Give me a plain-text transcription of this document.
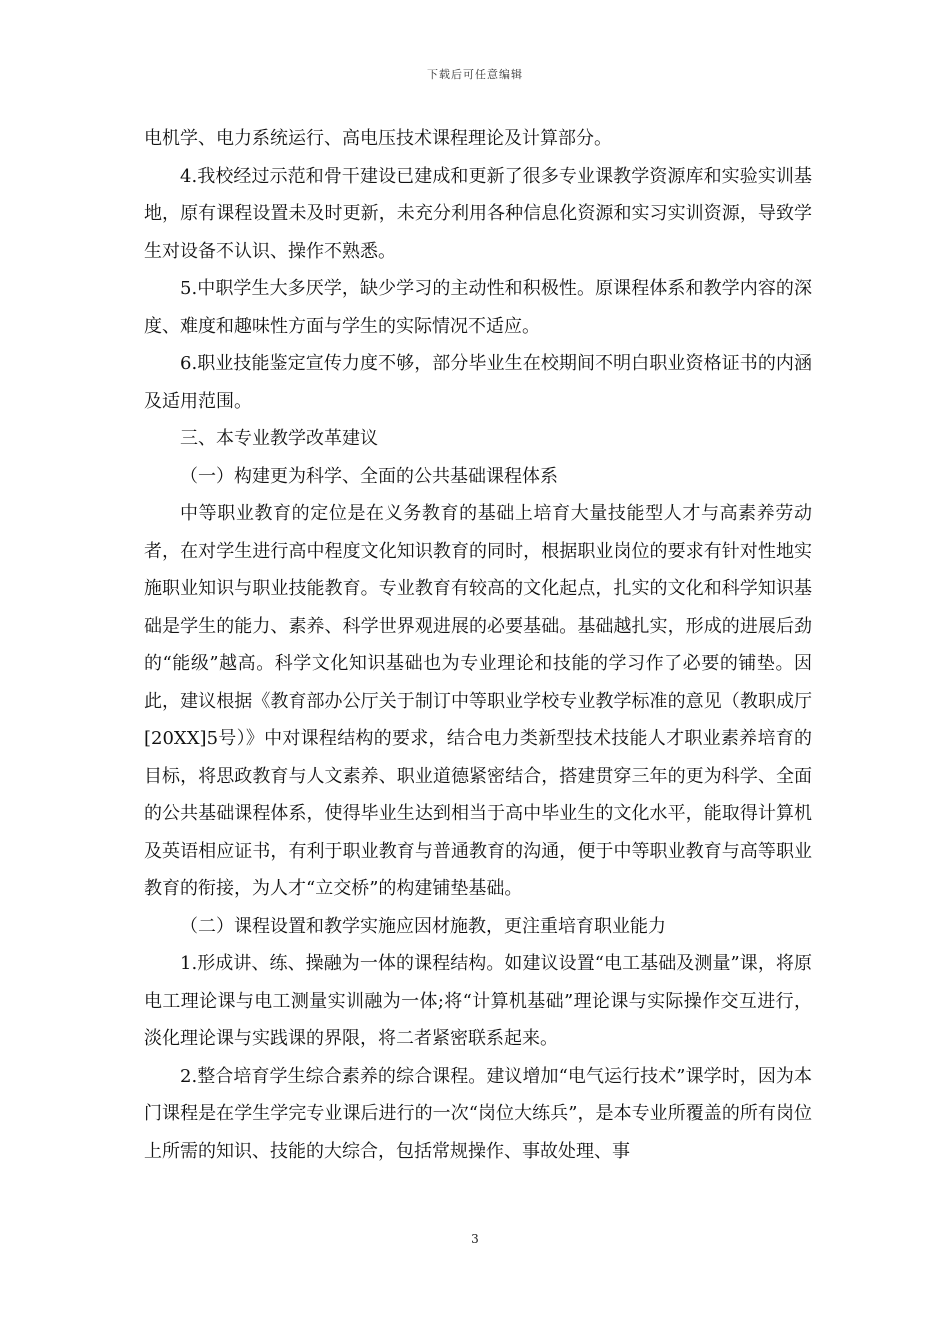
下载后可任意编辑

电机学、电力系统运行、高电压技术课程理论及计算部分。

4.我校经过示范和骨干建设已建成和更新了很多专业课教学资源库和实验实训基地，原有课程设置未及时更新，未充分利用各种信息化资源和实习实训资源，导致学生对设备不认识、操作不熟悉。

5.中职学生大多厌学，缺少学习的主动性和积极性。原课程体系和教学内容的深度、难度和趣味性方面与学生的实际情况不适应。

6.职业技能鉴定宣传力度不够，部分毕业生在校期间不明白职业资格证书的内涵及适用范围。

三、本专业教学改革建议

（一）构建更为科学、全面的公共基础课程体系

中等职业教育的定位是在义务教育的基础上培育大量技能型人才与高素养劳动者，在对学生进行高中程度文化知识教育的同时，根据职业岗位的要求有针对性地实施职业知识与职业技能教育。专业教育有较高的文化起点，扎实的文化和科学知识基础是学生的能力、素养、科学世界观进展的必要基础。基础越扎实，形成的进展后劲的“能级”越高。科学文化知识基础也为专业理论和技能的学习作了必要的铺垫。因此，建议根据《教育部办公厅关于制订中等职业学校专业教学标准的意见（教职成厅[20XX]5号）》中对课程结构的要求，结合电力类新型技术技能人才职业素养培育的目标，将思政教育与人文素养、职业道德紧密结合，搭建贯穿三年的更为科学、全面的公共基础课程体系，使得毕业生达到相当于高中毕业生的文化水平，能取得计算机及英语相应证书，有利于职业教育与普通教育的沟通，便于中等职业教育与高等职业教育的衔接，为人才“立交桥”的构建铺垫基础。

（二）课程设置和教学实施应因材施教，更注重培育职业能力

1.形成讲、练、操融为一体的课程结构。如建议设置“电工基础及测量”课，将原电工理论课与电工测量实训融为一体;将“计算机基础”理论课与实际操作交互进行，淡化理论课与实践课的界限，将二者紧密联系起来。

2.整合培育学生综合素养的综合课程。建议增加“电气运行技术”课学时，因为本门课程是在学生学完专业课后进行的一次“岗位大练兵”，是本专业所覆盖的所有岗位上所需的知识、技能的大综合，包括常规操作、事故处理、事

3
